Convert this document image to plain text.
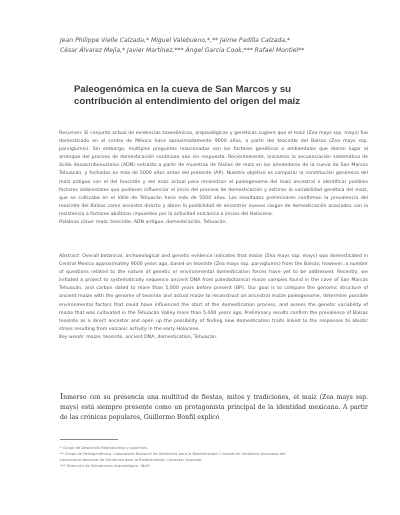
Jean Philippe Vielle Calzada,* Miguel Valebueno,*,** Jaime Padilla Calzada,*
César Álvarez Mejía,* Javier Martínez,*** Ángel García Cook,*** Rafael Montiel**
Paleogenómica en la cueva de San Marcos y su
contribución al entendimiento del origen del maíz

Resumen: El conjunto actual de evidencias taxonómicas, arqueológicas y genéticas sugiere que el maíz (Zea mays ssp. mays) fue domesticado en el centro de México hace aproximadamente 9000 años, a partir del teocintle del Balsas (Zea mays ssp. parviglumis). Sin embargo, múltiples preguntas relacionadas con los factores genéticos o ambientales que dieron lugar al arranque del proceso de domesticación continúan aún sin respuesta. Recientemente, iniciamos la secuenciación sistemática de ácido desoxirribonucleico (ADN) extraído a partir de muestras de fósiles de maíz en los alrededores de la cueva de San Marcos Tehuacán, y fechadas en más de 5000 años antes del presente (AP). Nuestro objetivo es comparar la constitución genómica del maíz antiguo con el del teocintle y del maíz actual para reconstruir el paleogenoma del maíz ancestral e identificar posibles factores ambientales que pudieron influenciar el inicio del proceso de domesticación y estimar la variabilidad genética del maíz, que se cultivaba en el Valle de Tehuacán hace más de 5000 años. Los resultados preliminares confirman la prevalencia del teocintle del Balsas como ancestro directo y abren la posibilidad de encontrar nuevos rasgos de domesticación asociados con la resistencia a factores abióticos impuestos por la actividad volcánica a inicios del Holoceno.

Palabras clave: maíz, teocintle, ADN antiguo, domesticación, Tehuacán.

Abstract: Overall botanical, archaeological and genetic evidence indicates that maize (Zea mays ssp. mays) was domesticated in Central Mexico approximately 9000 years ago, based on teosinte (Zea mays ssp. parviglumis) from the Balsas; however, a number of questions related to the nature of genetic or environmental domestication forces have yet to be addressed. Recently, we initiated a project to systematically sequence ancient DNA from paleobotanical maize samples found in the cave of San Marcos Tehuacán, and carbon dated to more than 5,000 years before present (BP). Our goal is to compare the genomic structure of ancient maize with the genome of teosinte and actual maize to reconstruct an ancestral maize paleogenome, determine possible environmental factors that could have influenced the start of the domestication process, and assess the genetic variability of maize that was cultivated in the Tehuacán Valley more than 5,000 years ago. Preliminary results confirm the prevalence of Balsas teosinte as a direct ancestor and open up the possibility of finding new domestication traits linked to the responses to abiotic stress resulting from volcanic activity in the early Holocene.

Key words: maize, teosinte, ancient DNA, domestication, Tehuacán.

Inmerso con su presencia una multitud de fiestas, mitos y tradiciones, el maíz (Zea mays ssp. mays) está siempre presente como un protagonista principal de la identidad mexicana. A partir de las crónicas populares, Guillermo Bonfil explicó

* Grupo de Desarrollo Reproductivo y Apomixis.
** Grupo de Paleogenómica. Laboratorio Nacional de Genómica para la Biodiversidad / Unidad de Genómica Avanzada del
Laboratorio Nacional de Genómica para la Biodiversidad, Cinvestav Irapuato.
*** Dirección de Salvamento Arqueológico, INAH.
